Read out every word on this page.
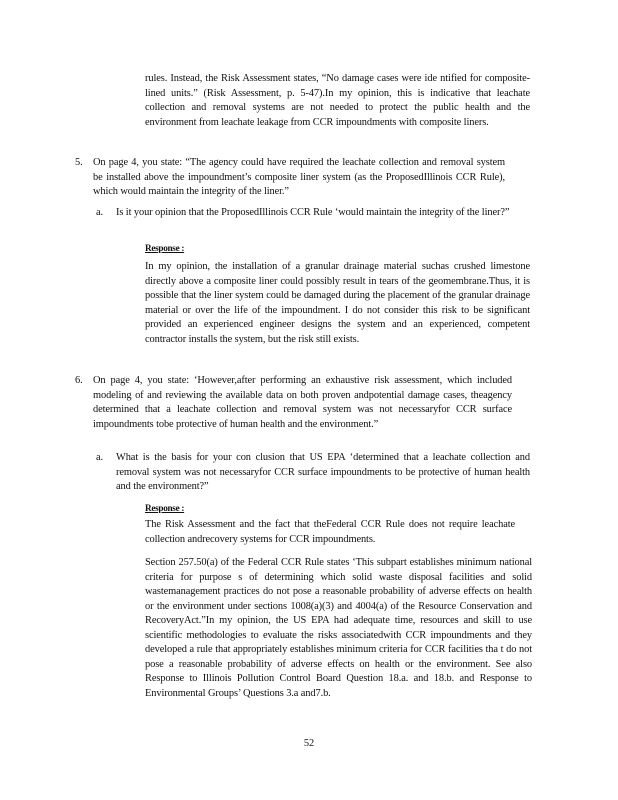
rules. Instead, the Risk Assessment states, “No damage cases were ide ntified for composite-lined units.” (Risk Assessment, p. 5-47).In my opinion, this is indicative that leachate collection and removal systems are not needed to protect the public health and the environment from leachate leakage from CCR impoundments with composite liners.

5. On page 4, you state: “The agency could have required the leachate collection and removal system be installed above the impoundment’s composite liner system (as the ProposedIllinois CCR Rule), which would maintain the integrity of the liner.”

a. Is it your opinion that the ProposedIllinois CCR Rule ‘would maintain the integrity of the liner?”

Response :

In my opinion, the installation of a granular drainage material suchas crushed limestone directly above a composite liner could possibly result in tears of the geomembrane.Thus, it is possible that the liner system could be damaged during the placement of the granular drainage material or over the life of the impoundment. I do not consider this risk to be significant provided an experienced engineer designs the system and an experienced, competent contractor installs the system, but the risk still exists.

6. On page 4, you state: ‘However,after performing an exhaustive risk assessment, which included modeling of and reviewing the available data on both proven andpotential damage cases, theagency determined that a leachate collection and removal system was not necessaryfor CCR surface impoundments tobe protective of human health and the environment.”

a. What is the basis for your con clusion that US EPA ‘determined that a leachate collection and removal system was not necessaryfor CCR surface impoundments to be protective of human health and the environment?”

Response :

The Risk Assessment and the fact that theFederal CCR Rule does not require leachate collection andrecovery systems for CCR impoundments.

Section 257.50(a) of the Federal CCR Rule states ‘This subpart establishes minimum national criteria for purpose s of determining which solid waste disposal facilities and solid wastemanagement practices do not pose a reasonable probability of adverse effects on health or the environment under sections 1008(a)(3) and 4004(a) of the Resource Conservation and RecoveryAct.”In my opinion, the US EPA had adequate time, resources and skill to use scientific methodologies to evaluate the risks associatedwith CCR impoundments and they developed a rule that appropriately establishes minimum criteria for CCR facilities tha t do not pose a reasonable probability of adverse effects on health or the environment. See also Response to Illinois Pollution Control Board Question 18.a. and 18.b. and Response to Environmental Groups’ Questions 3.a and7.b.

52
